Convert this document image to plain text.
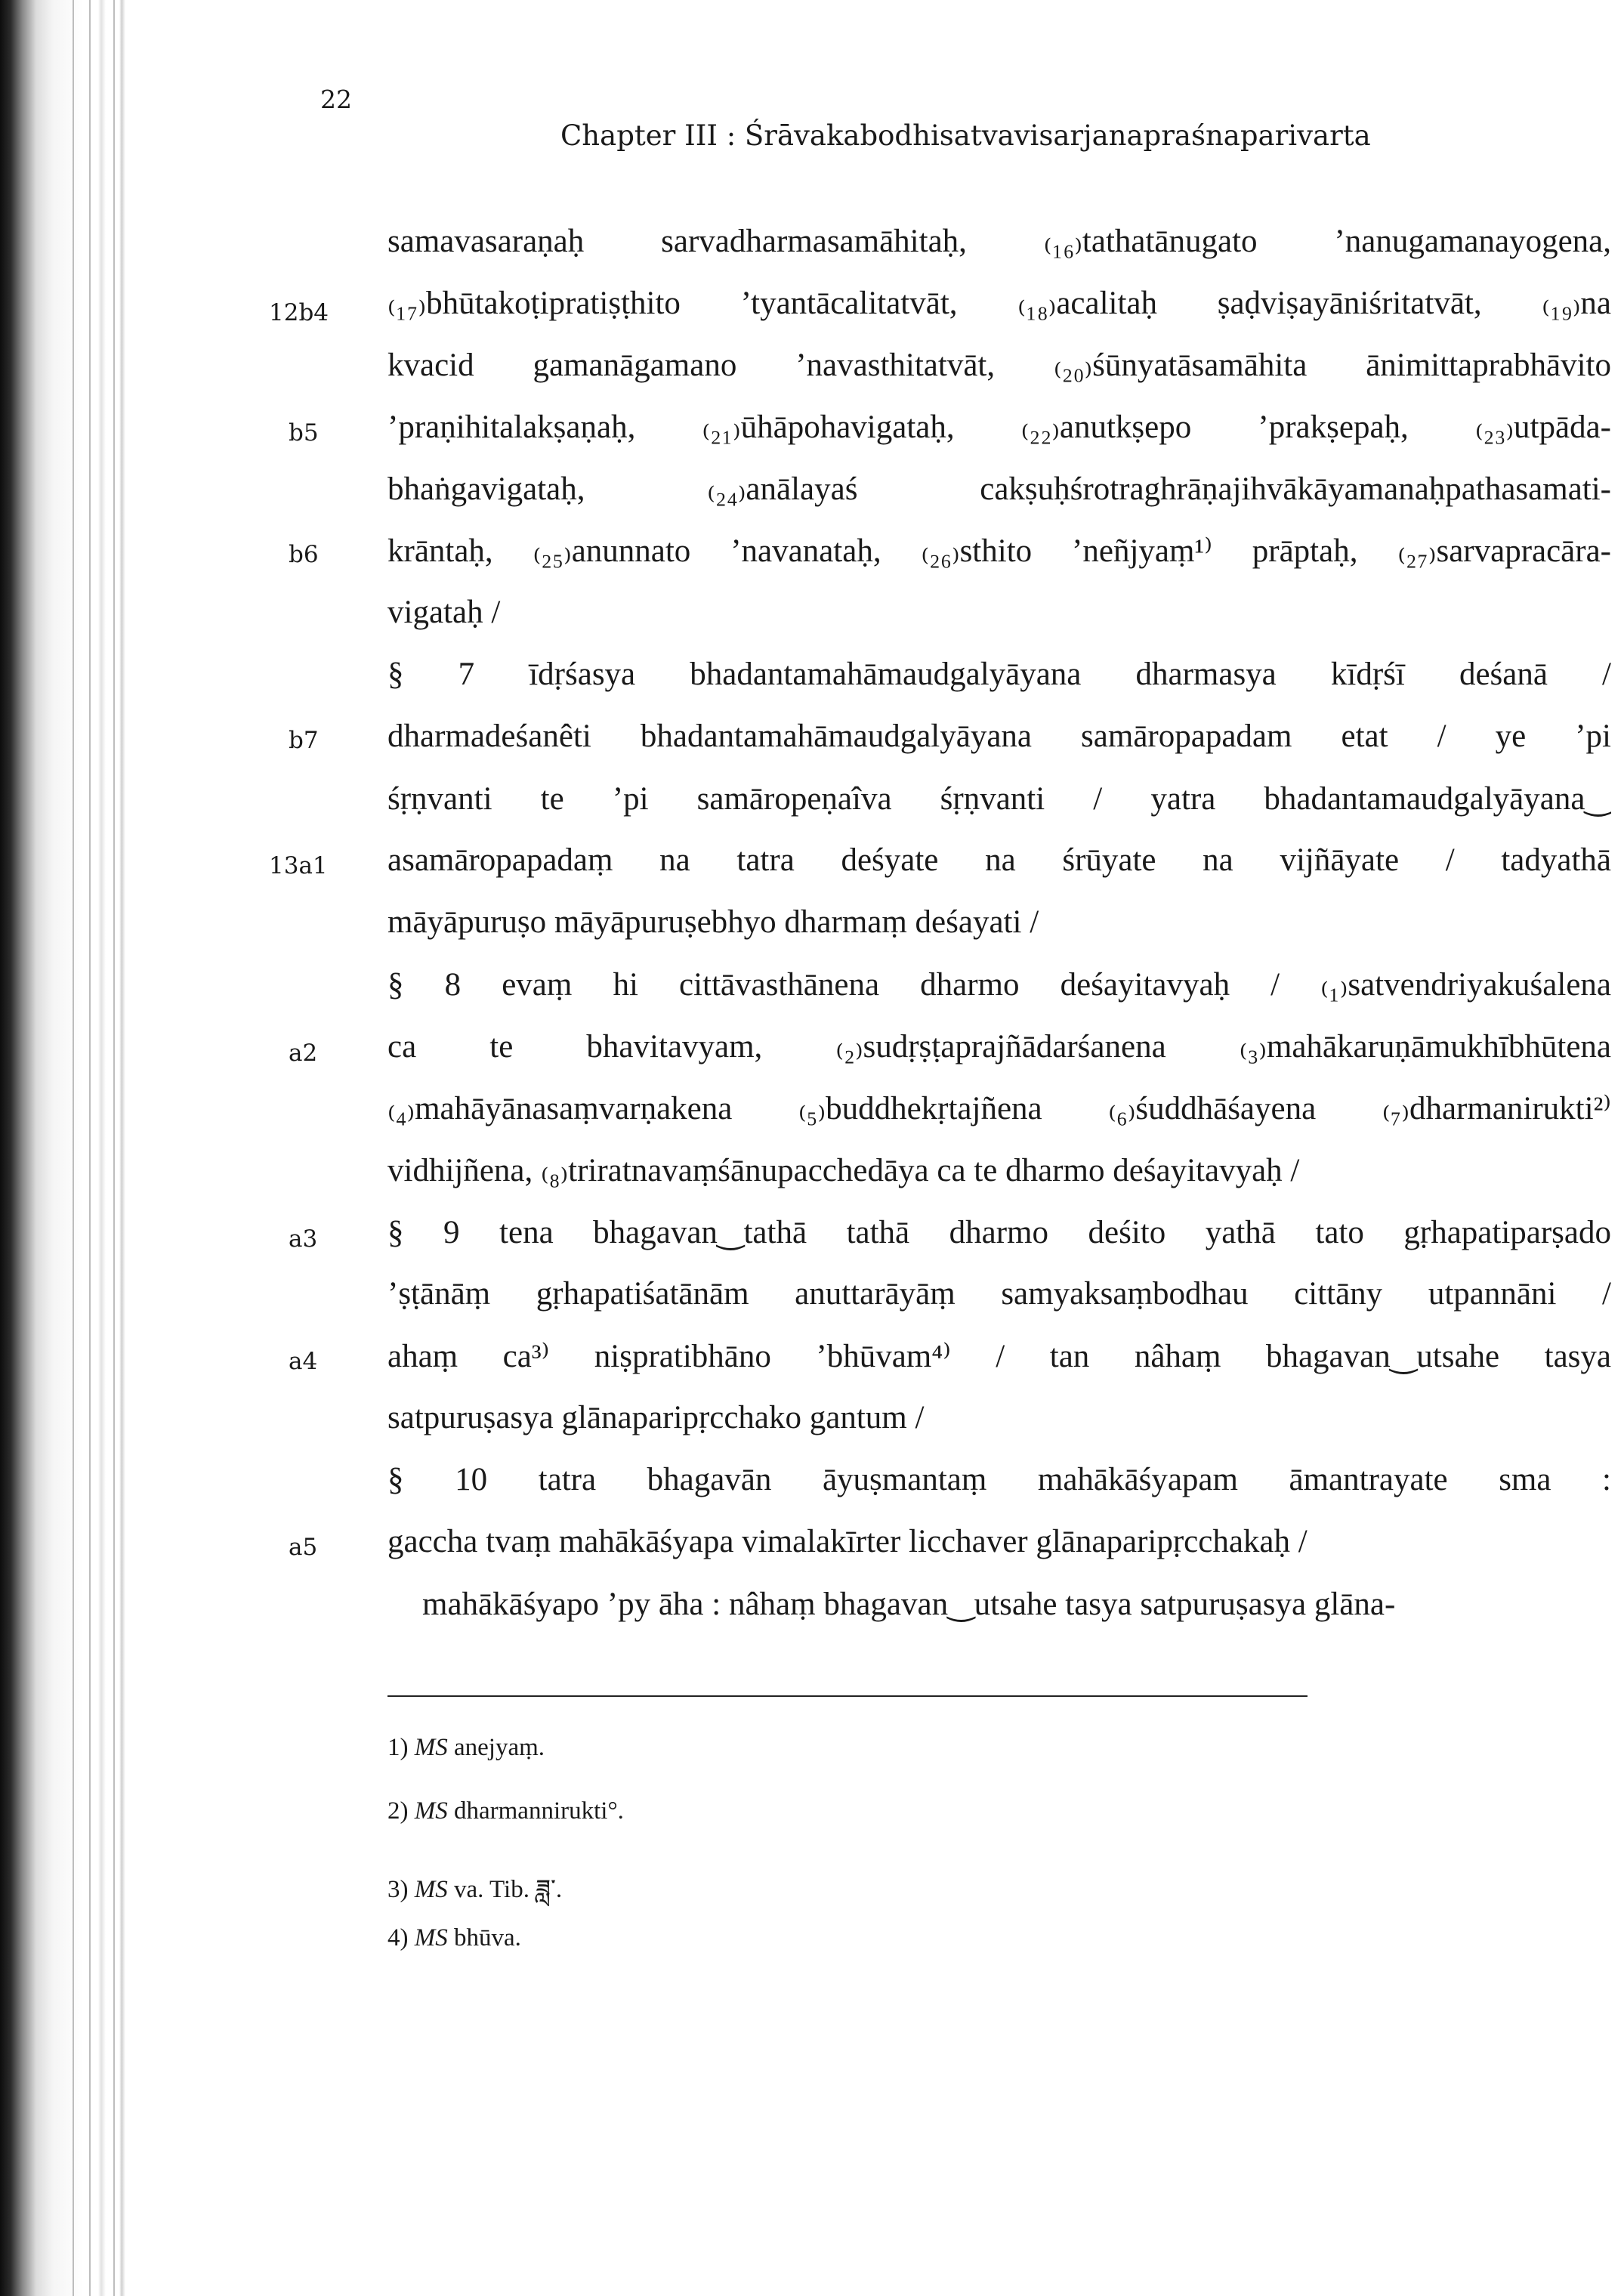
22
Chapter III : Śrāvakabodhisatvavisarjanapraśnaparivarta
12b4
b5
b6
b7
13a1
a2
a3
a4
a5
samavasaraṇaḥ sarvadharmasamāhitaḥ, ₍₁₆₎tathatānugato ’nanugamanayogena,
₍₁₇₎bhūtakoṭipratiṣṭhito ’tyantācalitatvāt, ₍₁₈₎acalitaḥ ṣaḍviṣayāniśritatvāt, ₍₁₉₎na
kvacid gamanāgamano ’navasthitatvāt, ₍₂₀₎śūnyatāsamāhita ānimittaprabhāvito
’praṇihitalakṣaṇaḥ, ₍₂₁₎ūhāpohavigataḥ, ₍₂₂₎anutkṣepo ’prakṣepaḥ, ₍₂₃₎utpāda-
bhaṅgavigataḥ, ₍₂₄₎anālayaś cakṣuḥśrotraghrāṇajihvākāyamanaḥpathasamati-
krāntaḥ, ₍₂₅₎anunnato ’navanataḥ, ₍₂₆₎sthito ’neñjyaṃ¹⁾ prāptaḥ, ₍₂₇₎sarvapracāra-
vigataḥ /
§ 7 īdṛśasya bhadantamahāmaudgalyāyana dharmasya kīdṛśī deśanā /
dharmadeśanêti bhadantamahāmaudgalyāyana samāropapadam etat / ye ’pi
śṛṇvanti te ’pi samāropeṇaîva śṛṇvanti / yatra bhadantamaudgalyāyana‿
asamāropapadaṃ na tatra deśyate na śrūyate na vijñāyate / tadyathā
māyāpuruṣo māyāpuruṣebhyo dharmaṃ deśayati /
§ 8 evaṃ hi cittāvasthānena dharmo deśayitavyaḥ / ₍₁₎satvendriyakuśalena
ca te bhavitavyam, ₍₂₎sudṛṣṭaprajñādarśanena ₍₃₎mahākaruṇāmukhībhūtena
₍₄₎mahāyānasaṃvarṇakena ₍₅₎buddhekṛtajñena ₍₆₎śuddhāśayena ₍₇₎dharmanirukti²⁾
vidhijñena, ₍₈₎triratnavaṃśānupacchedāya ca te dharmo deśayitavyaḥ /
§ 9 tena bhagavan‿tathā tathā dharmo deśito yathā tato gṛhapatiparṣado
’ṣṭānāṃ gṛhapatiśatānām anuttarāyāṃ samyaksaṃbodhau cittāny utpannāni /
ahaṃ ca³⁾ niṣpratibhāno ’bhūvam⁴⁾ / tan nâhaṃ bhagavan‿utsahe tasya
satpuruṣasya glānaparipṛcchako gantum /
§ 10 tatra bhagavān āyuṣmantaṃ mahākāśyapam āmantrayate sma :
gaccha tvaṃ mahākāśyapa vimalakīrter licchaver glānaparipṛcchakaḥ /
mahākāśyapo ’py āha : nâhaṃ bhagavan‿utsahe tasya satpuruṣasya glāna-
1) MS anejyaṃ.
2) MS dharmannirukti°.
3) MS va. Tib. ཟླ་.
4) MS bhūva.
